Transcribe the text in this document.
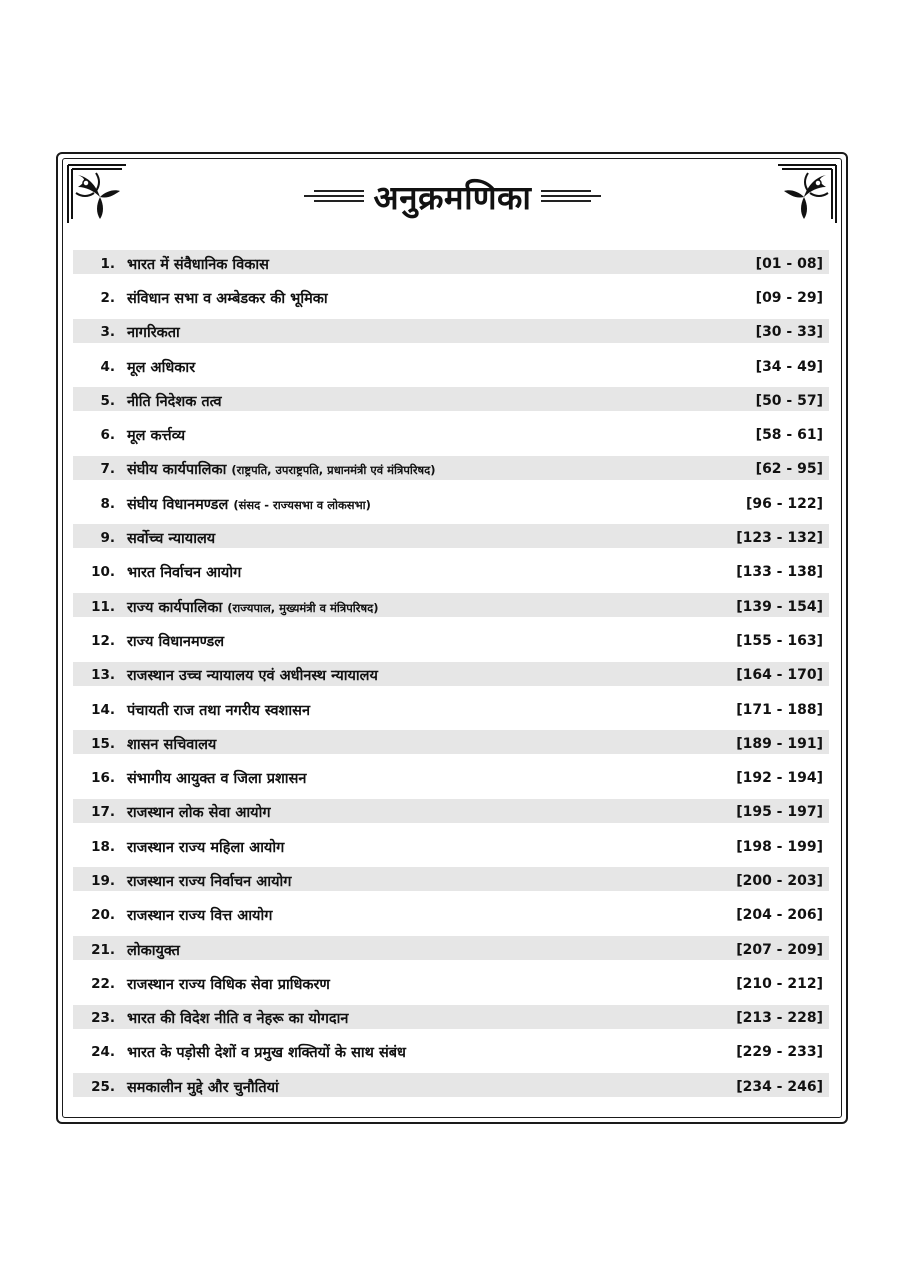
अनुक्रमणिका
1. भारत में संवैधानिक विकास	[01 - 08]
2. संविधान सभा व अम्बेडकर की भूमिका	[09 - 29]
3. नागरिकता	[30 - 33]
4. मूल अधिकार	[34 - 49]
5. नीति निदेशक तत्व	[50 - 57]
6. मूल कर्त्तव्य	[58 - 61]
7. संघीय कार्यपालिका (राष्ट्रपति, उपराष्ट्रपति, प्रधानमंत्री एवं मंत्रिपरिषद)	[62 - 95]
8. संघीय विधानमण्डल (संसद - राज्यसभा व लोकसभा)	[96 - 122]
9. सर्वोच्च न्यायालय	[123 - 132]
10. भारत निर्वाचन आयोग	[133 - 138]
11. राज्य कार्यपालिका (राज्यपाल, मुख्यमंत्री व मंत्रिपरिषद)	[139 - 154]
12. राज्य विधानमण्डल	[155 - 163]
13. राजस्थान उच्च न्यायालय एवं अधीनस्थ न्यायालय	[164 - 170]
14. पंचायती राज तथा नगरीय स्वशासन	[171 - 188]
15. शासन सचिवालय	[189 - 191]
16. संभागीय आयुक्त व जिला प्रशासन	[192 - 194]
17. राजस्थान लोक सेवा आयोग	[195 - 197]
18. राजस्थान राज्य महिला आयोग	[198 - 199]
19. राजस्थान राज्य निर्वाचन आयोग	[200 - 203]
20. राजस्थान राज्य वित्त आयोग	[204 - 206]
21. लोकायुक्त	[207 - 209]
22. राजस्थान राज्य विधिक सेवा प्राधिकरण	[210 - 212]
23. भारत की विदेश नीति व नेहरू का योगदान	[213 - 228]
24. भारत के पड़ोसी देशों व प्रमुख शक्तियों के साथ संबंध	[229 - 233]
25. समकालीन मुद्दे और चुनौतियां	[234 - 246]
